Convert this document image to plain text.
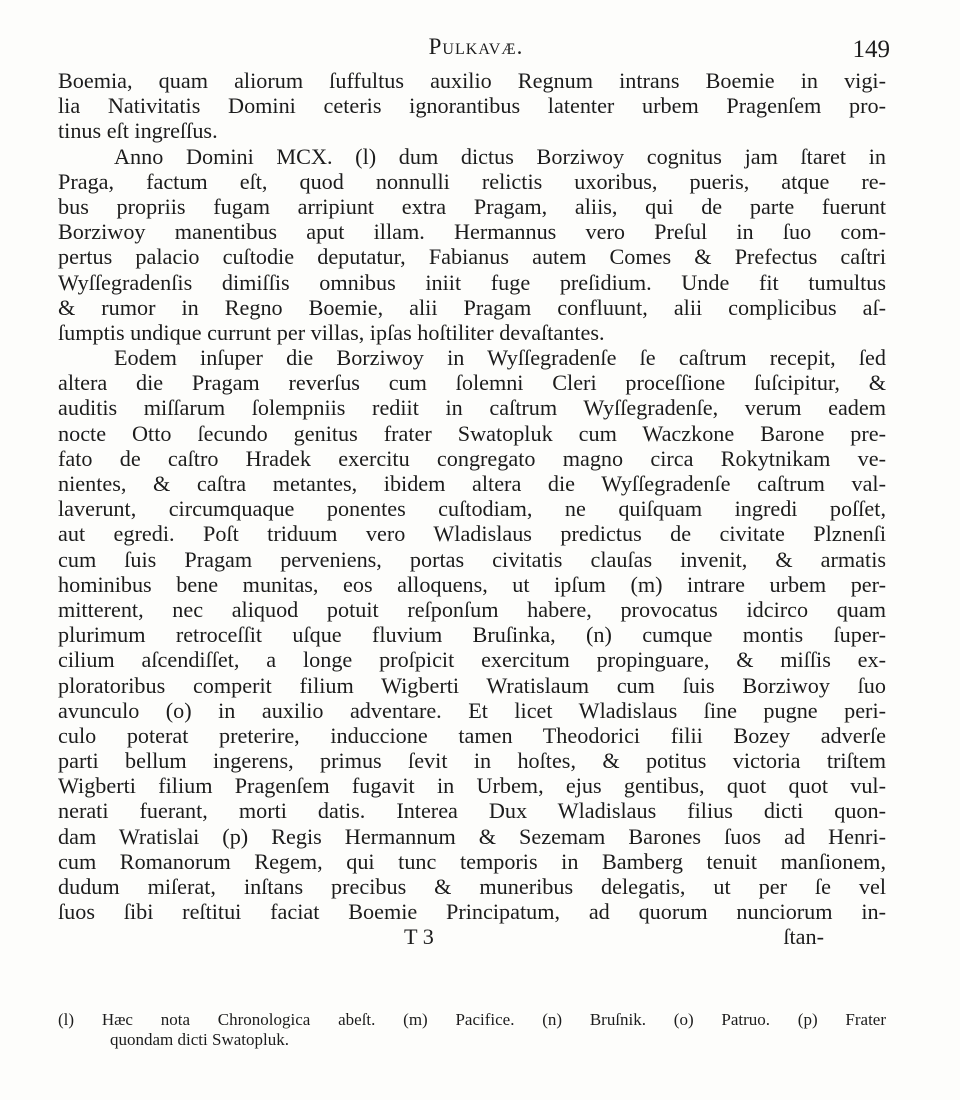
Pulkavæ.	149
Boemia, quam aliorum ſuffultus auxilio Regnum intrans Boemie in vigi-
lia Nativitatis Domini ceteris ignorantibus latenter urbem Pragenſem pro-
tinus eſt ingreſſus.
Anno Domini MCX. (l) dum dictus Borziwoy cognitus jam ſtaret in
Praga, factum eſt, quod nonnulli relictis uxoribus, pueris, atque re-
bus propriis fugam arripiunt extra Pragam, aliis, qui de parte fuerunt
Borziwoy manentibus aput illam. Hermannus vero Preſul in ſuo com-
pertus palacio cuſtodie deputatur, Fabianus autem Comes & Prefectus caſtri
Wyſſegradenſis dimiſſis omnibus iniit fuge preſidium. Unde fit tumultus
& rumor in Regno Boemie, alii Pragam confluunt, alii complicibus aſ-
ſumptis undique currunt per villas, ipſas hoſtiliter devaſtantes.
Eodem inſuper die Borziwoy in Wyſſegradenſe ſe caſtrum recepit, ſed
altera die Pragam reverſus cum ſolemni Cleri proceſſione ſuſcipitur, &
auditis miſſarum ſolempniis rediit in caſtrum Wyſſegradenſe, verum eadem
nocte Otto ſecundo genitus frater Swatopluk cum Waczkone Barone pre-
fato de caſtro Hradek exercitu congregato magno circa Rokytnikam ve-
nientes, & caſtra metantes, ibidem altera die Wyſſegradenſe caſtrum val-
laverunt, circumquaque ponentes cuſtodiam, ne quiſquam ingredi poſſet,
aut egredi. Poſt triduum vero Wladislaus predictus de civitate Plznenſi
cum ſuis Pragam perveniens, portas civitatis clauſas invenit, & armatis
hominibus bene munitas, eos alloquens, ut ipſum (m) intrare urbem per-
mitterent, nec aliquod potuit reſponſum habere, provocatus idcirco quam
plurimum retroceſſit uſque fluvium Bruſinka, (n) cumque montis ſuper-
cilium aſcendiſſet, a longe proſpicit exercitum propinguare, & miſſis ex-
ploratoribus comperit filium Wigberti Wratislaum cum ſuis Borziwoy ſuo
avunculo (o) in auxilio adventare. Et licet Wladislaus ſine pugne peri-
culo poterat preterire, induccione tamen Theodorici filii Bozey adverſe
parti bellum ingerens, primus ſevit in hoſtes, & potitus victoria triſtem
Wigberti filium Pragenſem fugavit in Urbem, ejus gentibus, quot quot vul-
nerati fuerant, morti datis. Interea Dux Wladislaus filius dicti quon-
dam Wratislai (p) Regis Hermannum & Sezemam Barones ſuos ad Henri-
cum Romanorum Regem, qui tunc temporis in Bamberg tenuit manſionem,
dudum miſerat, inſtans precibus & muneribus delegatis, ut per ſe vel
ſuos ſibi reſtitui faciat Boemie Principatum, ad quorum nunciorum in-
T 3	ſtan-
(l) Hæc nota Chronologica abeſt. (m) Pacifice. (n) Bruſnik. (o) Patruo. (p) Frater
quondam dicti Swatopluk.
